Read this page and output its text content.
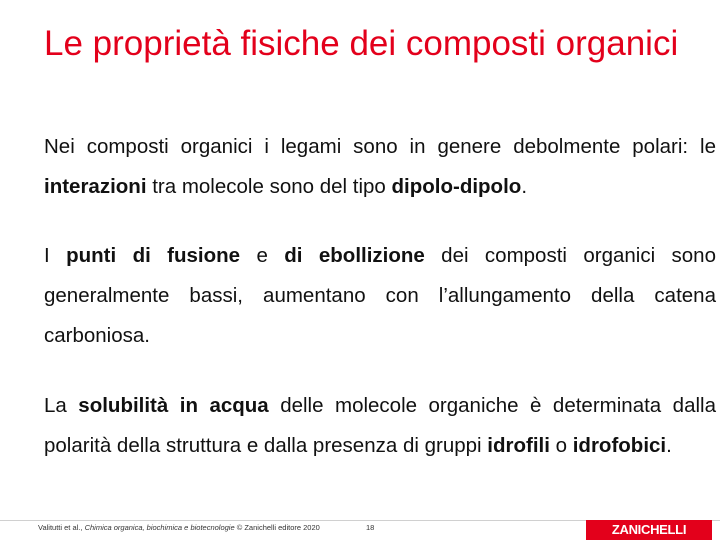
Le proprietà fisiche dei composti organici
Nei composti organici i legami sono in genere debolmente polari: le interazioni tra molecole sono del tipo dipolo-dipolo.
I punti di fusione e di ebollizione dei composti organici sono generalmente bassi, aumentano con l’allungamento della catena carboniosa.
La solubilità in acqua delle molecole organiche è determinata dalla polarità della struttura e dalla presenza di gruppi idrofili o idrofobici.
Valitutti et al., Chimica organica, biochimica e biotecnologie © Zanichelli editore 2020	18	ZANICHELLI
